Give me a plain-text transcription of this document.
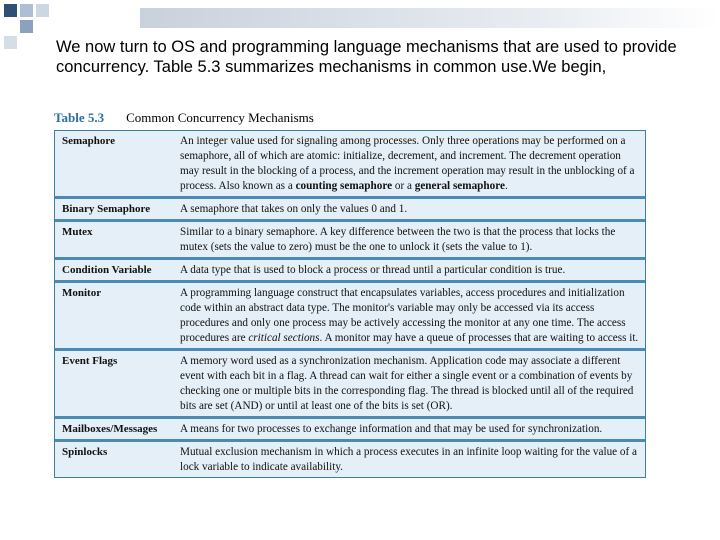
We now turn to OS and programming language mechanisms that are used to provide concurrency. Table 5.3 summarizes mechanisms in common use.We begin,

Table 5.3 Common Concurrency Mechanisms
Semaphore	An integer value used for signaling among processes. Only three operations may be performed on a semaphore, all of which are atomic: initialize, decrement, and increment. The decrement operation may result in the blocking of a process, and the increment operation may result in the unblocking of a process. Also known as a counting semaphore or a general semaphore.
Binary Semaphore	A semaphore that takes on only the values 0 and 1.
Mutex	Similar to a binary semaphore. A key difference between the two is that the process that locks the mutex (sets the value to zero) must be the one to unlock it (sets the value to 1).
Condition Variable	A data type that is used to block a process or thread until a particular condition is true.
Monitor	A programming language construct that encapsulates variables, access procedures and initialization code within an abstract data type. The monitor's variable may only be accessed via its access procedures and only one process may be actively accessing the monitor at any one time. The access procedures are critical sections. A monitor may have a queue of processes that are waiting to access it.
Event Flags	A memory word used as a synchronization mechanism. Application code may associate a different event with each bit in a flag. A thread can wait for either a single event or a combination of events by checking one or multiple bits in the corresponding flag. The thread is blocked until all of the required bits are set (AND) or until at least one of the bits is set (OR).
Mailboxes/Messages	A means for two processes to exchange information and that may be used for synchronization.
Spinlocks	Mutual exclusion mechanism in which a process executes in an infinite loop waiting for the value of a lock variable to indicate availability.
